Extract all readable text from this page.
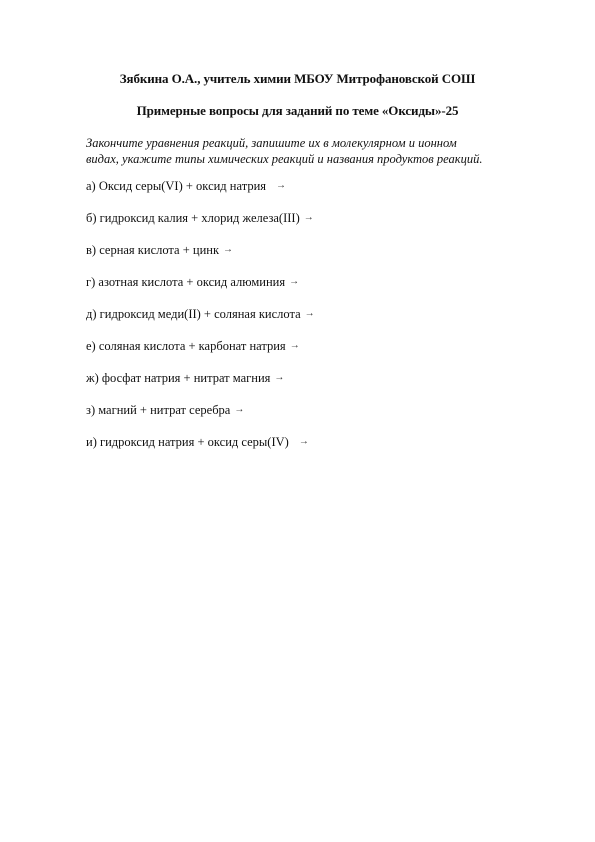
Зябкина О.А., учитель химии МБОУ Митрофановской СОШ
Примерные вопросы для заданий по теме «Оксиды»-25
Закончите уравнения реакций, запишите их в молекулярном и ионном
видах, укажите типы химических реакций и названия продуктов реакций.
а) Оксид серы(VI) + оксид натрия →
б) гидроксид калия + хлорид железа(III) →
в) серная кислота + цинк →
г) азотная кислота + оксид алюминия →
д) гидроксид меди(II) + соляная кислота →
е) соляная кислота + карбонат натрия →
ж) фосфат натрия + нитрат магния →
з) магний + нитрат серебра →
и) гидроксид натрия + оксид серы(IV) →
